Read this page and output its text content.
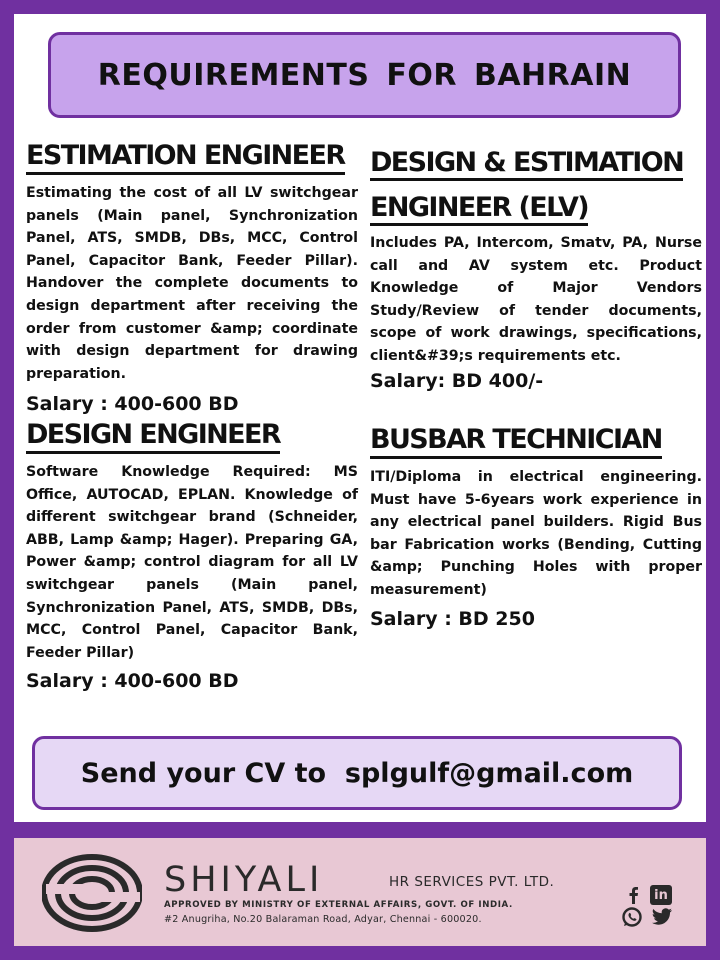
REQUIREMENTS FOR BAHRAIN
ESTIMATION ENGINEER
Estimating the cost of all LV switchgear panels (Main panel, Synchronization Panel, ATS, SMDB, DBs, MCC, Control Panel, Capacitor Bank, Feeder Pillar). Handover the complete documents to design department after receiving the order from customer &amp; coordinate with design department for drawing preparation.
Salary : 400-600 BD
DESIGN ENGINEER
Software Knowledge Required: MS Office, AUTOCAD, EPLAN. Knowledge of different switchgear brand (Schneider, ABB, Lamp &amp; Hager). Preparing GA, Power &amp; control diagram for all LV switchgear panels (Main panel, Synchronization Panel, ATS, SMDB, DBs, MCC, Control Panel, Capacitor Bank, Feeder Pillar)
Salary : 400-600 BD
DESIGN & ESTIMATION
ENGINEER (ELV)
Includes PA, Intercom, Smatv, PA, Nurse call and AV system etc. Product Knowledge of Major Vendors Study/Review of tender documents, scope of work drawings, specifications, client&#39;s requirements etc.
Salary: BD 400/-
BUSBAR TECHNICIAN
ITI/Diploma in electrical engineering. Must have 5-6years work experience in any electrical panel builders. Rigid Bus bar Fabrication works (Bending, Cutting &amp; Punching Holes with proper measurement)
Salary : BD 250
Send your CV to  splgulf@gmail.com
SHIYALI	HR SERVICES PVT. LTD.
APPROVED BY MINISTRY OF EXTERNAL AFFAIRS, GOVT. OF INDIA.
#2 Anugriha, No.20 Balaraman Road, Adyar, Chennai - 600020.
in
